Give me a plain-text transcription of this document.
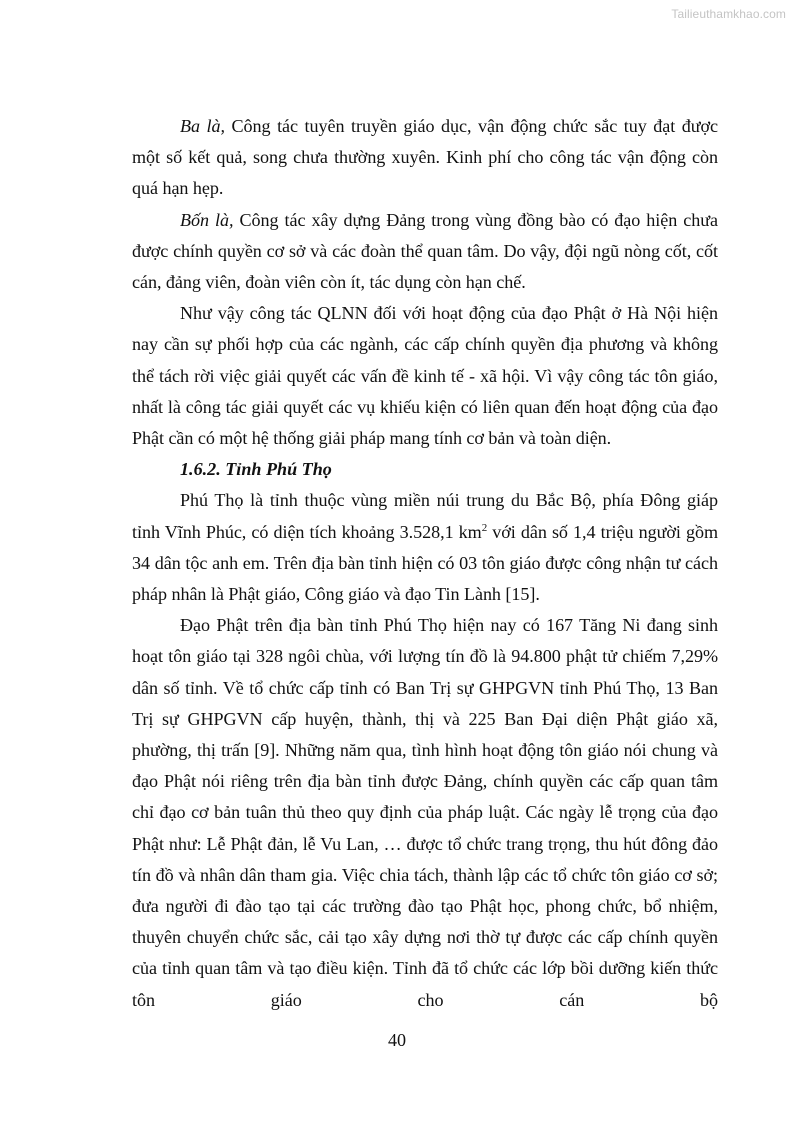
Tailieuthamkhao.com

Ba là, Công tác tuyên truyền giáo dục, vận động chức sắc tuy đạt được một số kết quả, song chưa thường xuyên. Kinh phí cho công tác vận động còn quá hạn hẹp.

Bốn là, Công tác xây dựng Đảng trong vùng đồng bào có đạo hiện chưa được chính quyền cơ sở và các đoàn thể quan tâm. Do vậy, đội ngũ nòng cốt, cốt cán, đảng viên, đoàn viên còn ít, tác dụng còn hạn chế.

Như vậy công tác QLNN đối với hoạt động của đạo Phật ở Hà Nội hiện nay cần sự phối hợp của các ngành, các cấp chính quyền địa phương và không thể tách rời việc giải quyết các vấn đề kinh tế - xã hội. Vì vậy công tác tôn giáo, nhất là công tác giải quyết các vụ khiếu kiện có liên quan đến hoạt động của đạo Phật cần có một hệ thống giải pháp mang tính cơ bản và toàn diện.

1.6.2. Tỉnh Phú Thọ

Phú Thọ là tỉnh thuộc vùng miền núi trung du Bắc Bộ, phía Đông giáp tỉnh Vĩnh Phúc, có diện tích khoảng 3.528,1 $km^2$ với dân số 1,4 triệu người gồm 34 dân tộc anh em. Trên địa bàn tỉnh hiện có 03 tôn giáo được công nhận tư cách pháp nhân là Phật giáo, Công giáo và đạo Tin Lành [15].

Đạo Phật trên địa bàn tỉnh Phú Thọ hiện nay có 167 Tăng Ni đang sinh hoạt tôn giáo tại 328 ngôi chùa, với lượng tín đồ là 94.800 phật tử chiếm 7,29% dân số tỉnh. Về tổ chức cấp tỉnh có Ban Trị sự GHPGVN tỉnh Phú Thọ, 13 Ban Trị sự GHPGVN cấp huyện, thành, thị và 225 Ban Đại diện Phật giáo xã, phường, thị trấn [9]. Những năm qua, tình hình hoạt động tôn giáo nói chung và đạo Phật nói riêng trên địa bàn tỉnh được Đảng, chính quyền các cấp quan tâm chỉ đạo cơ bản tuân thủ theo quy định của pháp luật. Các ngày lễ trọng của đạo Phật như: Lễ Phật đản, lễ Vu Lan, … được tổ chức trang trọng, thu hút đông đảo tín đồ và nhân dân tham gia. Việc chia tách, thành lập các tổ chức tôn giáo cơ sở; đưa người đi đào tạo tại các trường đào tạo Phật học, phong chức, bổ nhiệm, thuyên chuyển chức sắc, cải tạo xây dựng nơi thờ tự được các cấp chính quyền của tỉnh quan tâm và tạo điều kiện. Tỉnh đã tổ chức các lớp bồi dưỡng kiến thức tôn giáo cho cán bộ

40
